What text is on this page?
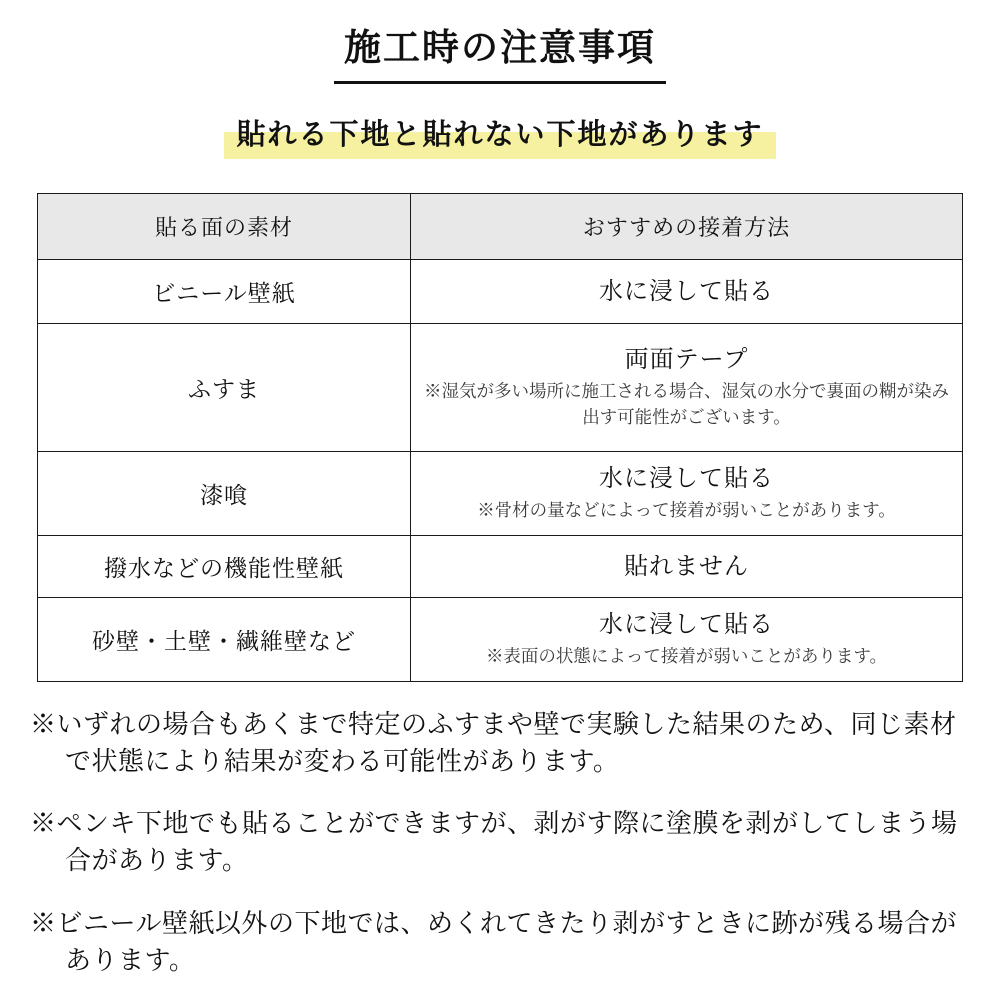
施工時の注意事項
貼れる下地と貼れない下地があります
貼る面の素材	おすすめの接着方法
ビニール壁紙	水に浸して貼る

ふすま	両面テープ
※湿気が多い場所に施工される場合、湿気の水分で裏面の糊が染み出す可能性がございます。

漆喰	水に浸して貼る
※骨材の量などによって接着が弱いことがあります。

撥水などの機能性壁紙	貼れません

砂壁・土壁・繊維壁など	水に浸して貼る
※表面の状態によって接着が弱いことがあります。
※いずれの場合もあくまで特定のふすまや壁で実験した結果のため、同じ素材で状態により結果が変わる可能性があります。
※ペンキ下地でも貼ることができますが、剥がす際に塗膜を剥がしてしまう場合があります。
※ビニール壁紙以外の下地では、めくれてきたり剥がすときに跡が残る場合があります。
